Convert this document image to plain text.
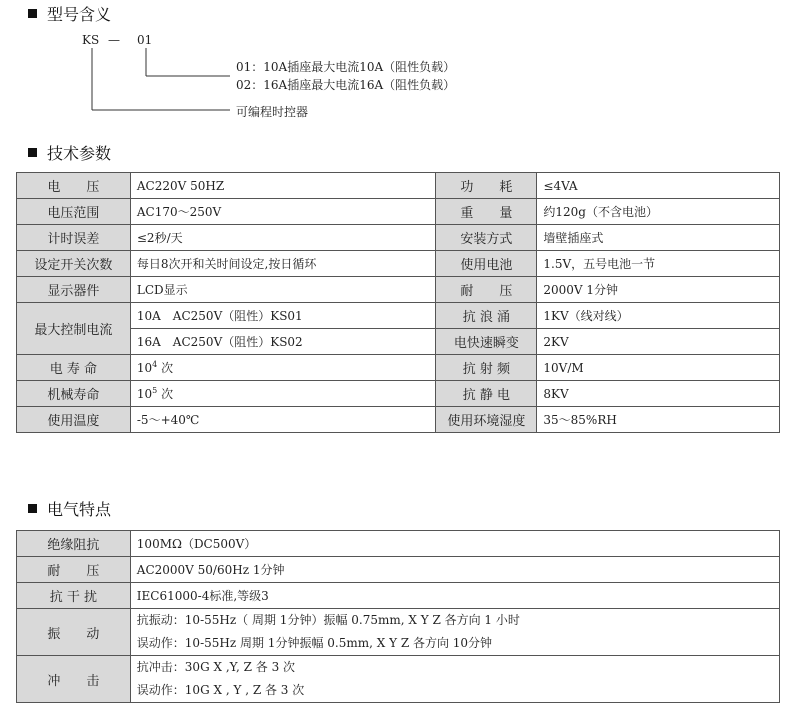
型号含义
KS — 01
01：10A插座最大电流10A（阻性负载）
02：16A插座最大电流16A（阻性负载）
可编程时控器
技术参数
电　　压	AC220V 50HZ	功　　耗	≤4VA
电压范围	AC170～250V	重　　量	约120g（不含电池）
计时误差	≤2秒/天	安装方式	墙壁插座式
设定开关次数	每日8次开和关时间设定,按日循环	使用电池	1.5V，五号电池一节
显示器件	LCD显示	耐　　压	2000V 1分钟
最大控制电流	10A　AC250V（阻性）KS01	抗 浪 涌	1KV（线对线）
	16A　AC250V（阻性）KS02	电快速瞬变	2KV
电 寿 命	$10^4$ 次	抗 射 频	10V/M
机械寿命	$10^5$ 次	抗 静 电	8KV
使用温度	-5～+40℃	使用环境湿度	35～85%RH
电气特点
绝缘阻抗	100MΩ（DC500V）
耐　　压	AC2000V 50/60Hz 1分钟
抗 干 扰	IEC61000-4标准,等级3
振　　动	抗振动：10-55Hz（ 周期 1分钟）振幅 0.75mm, X Y Z 各方向 1 小时
误动作：10-55Hz 周期 1分钟振幅 0.5mm, X Y Z 各方向 10分钟

冲　　击	抗冲击：30G X ,Y, Z 各 3 次
误动作：10G X , Y , Z 各 3 次
